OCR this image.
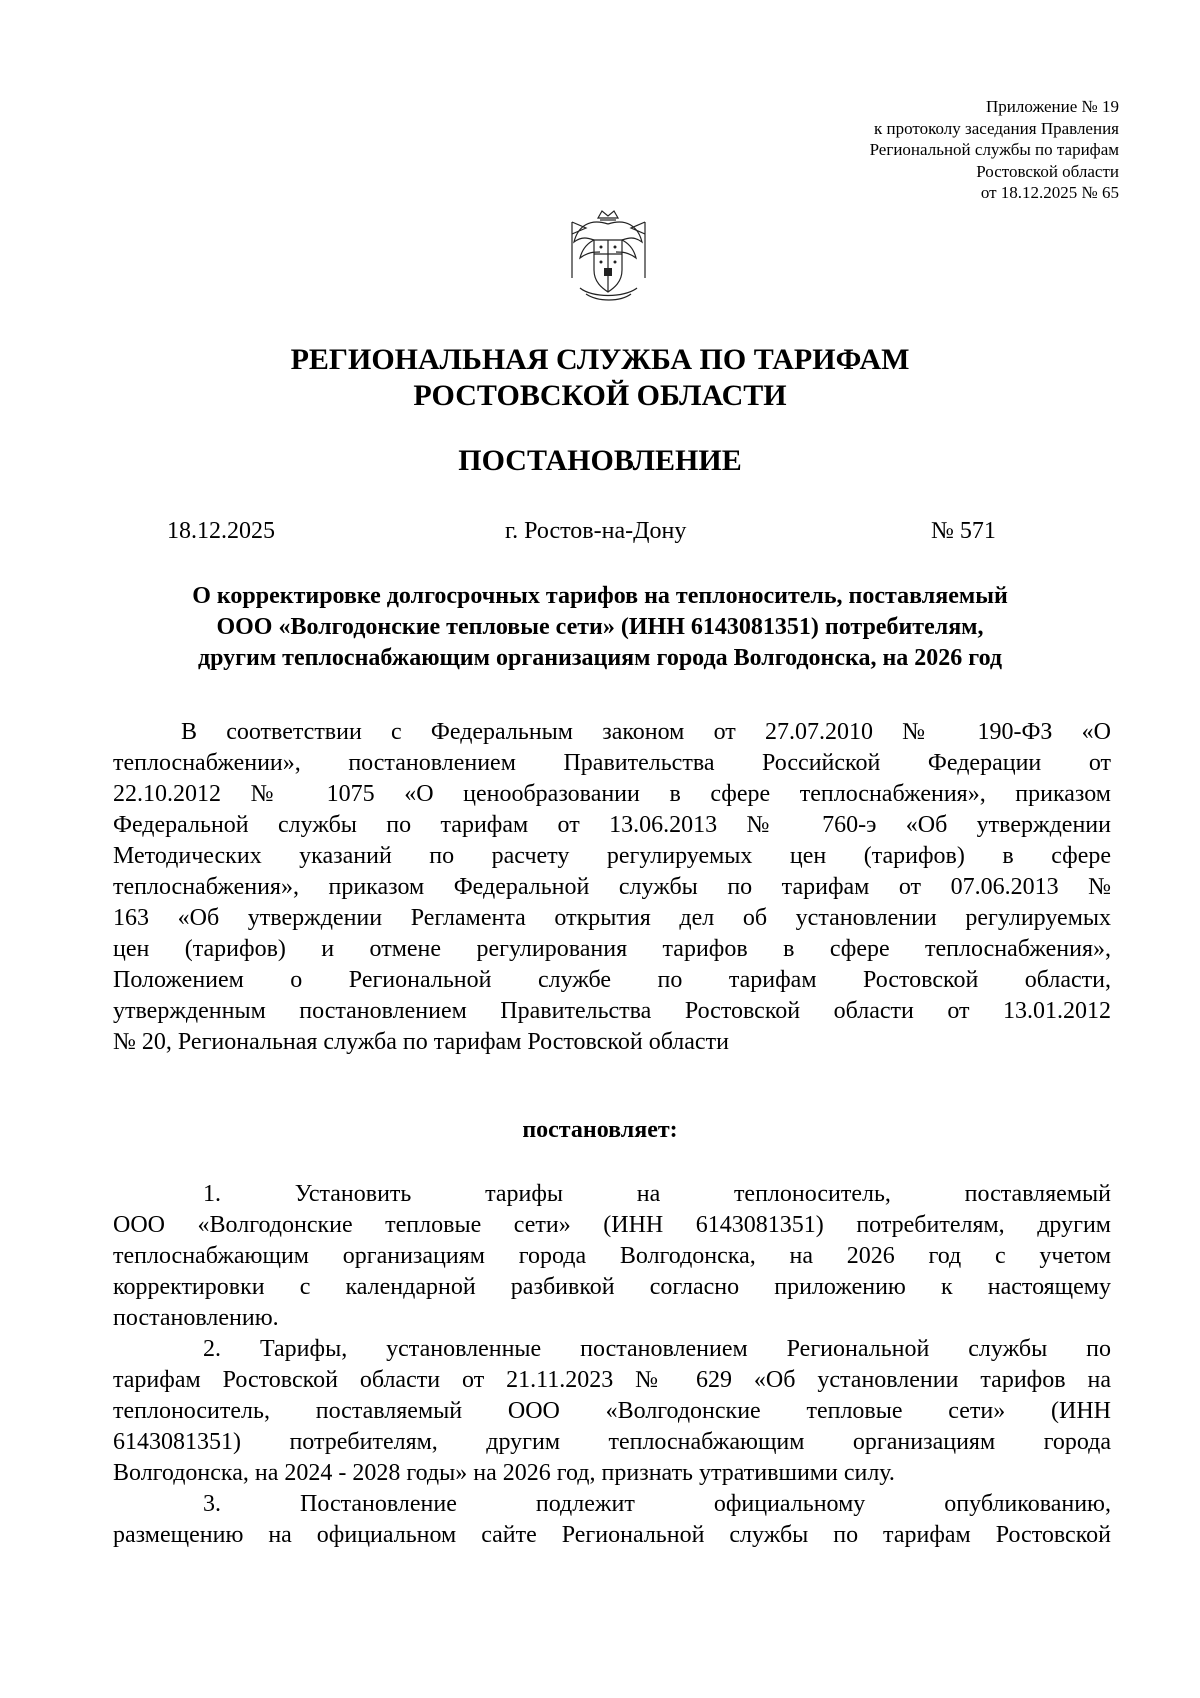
Приложение № 19
к протоколу заседания Правления
Региональной службы по тарифам
Ростовской области
от 18.12.2025 № 65
РЕГИОНАЛЬНАЯ СЛУЖБА ПО ТАРИФАМ
РОСТОВСКОЙ ОБЛАСТИ
ПОСТАНОВЛЕНИЕ
18.12.2025	г. Ростов-на-Дону	№ 571
О корректировке долгосрочных тарифов на теплоноситель, поставляемый
ООО «Волгодонские тепловые сети» (ИНН 6143081351) потребителям,
другим теплоснабжающим организациям города Волгодонска, на 2026 год
В соответствии с Федеральным законом от 27.07.2010 № 190-ФЗ «О
теплоснабжении», постановлением Правительства Российской Федерации от
22.10.2012 № 1075 «О ценообразовании в сфере теплоснабжения», приказом
Федеральной службы по тарифам от 13.06.2013 № 760-э «Об утверждении
Методических указаний по расчету регулируемых цен (тарифов) в сфере
теплоснабжения», приказом Федеральной службы по тарифам от 07.06.2013 №
163 «Об утверждении Регламента открытия дел об установлении регулируемых
цен (тарифов) и отмене регулирования тарифов в сфере теплоснабжения»,
Положением о Региональной службе по тарифам Ростовской области,
утвержденным постановлением Правительства Ростовской области от 13.01.2012
№ 20, Региональная служба по тарифам Ростовской области
постановляет:
1. Установить тарифы на теплоноситель, поставляемый
ООО «Волгодонские тепловые сети» (ИНН 6143081351) потребителям, другим
теплоснабжающим организациям города Волгодонска, на 2026 год с учетом
корректировки с календарной разбивкой согласно приложению к настоящему
постановлению.
2. Тарифы, установленные постановлением Региональной службы по
тарифам Ростовской области от 21.11.2023 № 629 «Об установлении тарифов на
теплоноситель, поставляемый ООО «Волгодонские тепловые сети» (ИНН
6143081351) потребителям, другим теплоснабжающим организациям города
Волгодонска, на 2024 - 2028 годы» на 2026 год, признать утратившими силу.
3. Постановление подлежит официальному опубликованию,
размещению на официальном сайте Региональной службы по тарифам Ростовской
